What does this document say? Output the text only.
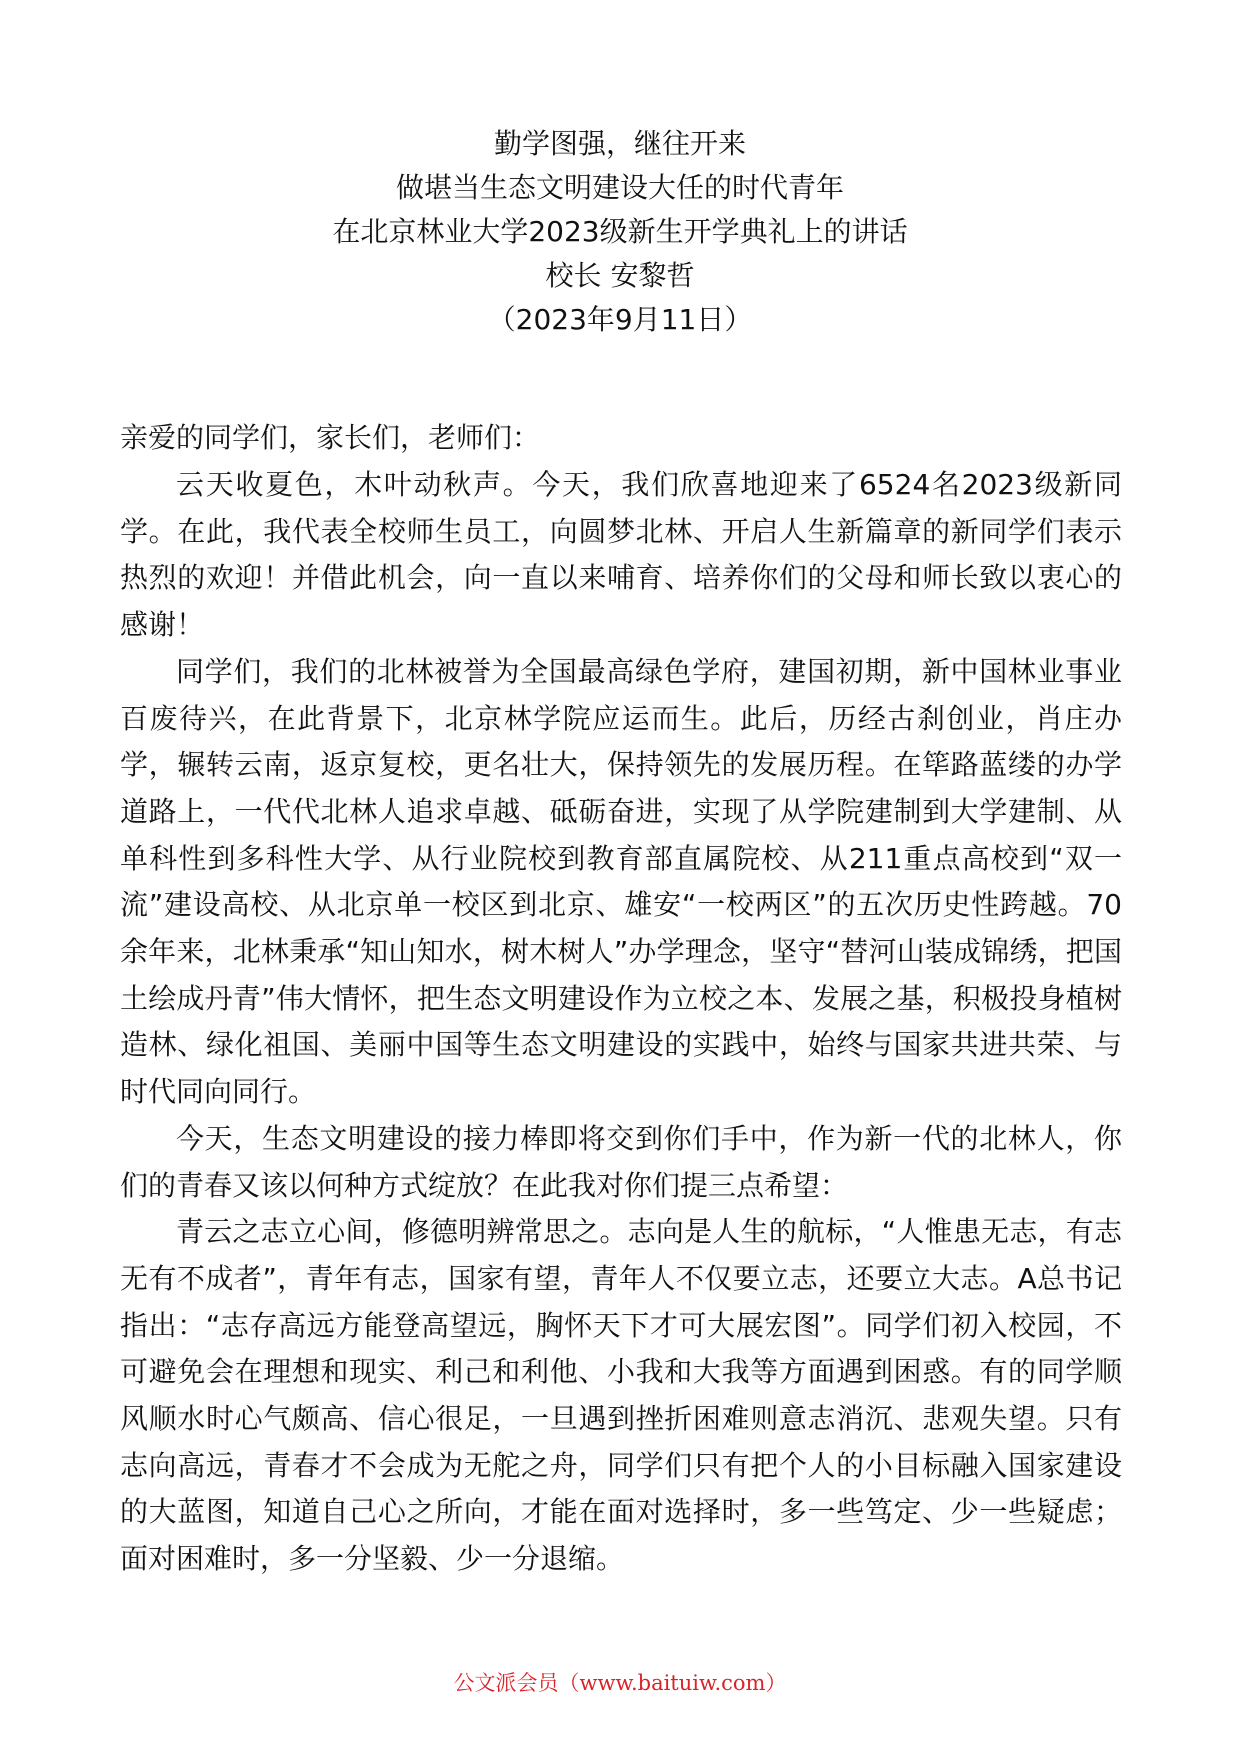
勤学图强，继往开来

做堪当生态文明建设大任的时代青年

在北京林业大学2023级新生开学典礼上的讲话

校长 安黎哲

（2023年9月11日）

亲爱的同学们，家长们，老师们：

云天收夏色，木叶动秋声。今天，我们欣喜地迎来了6524名2023级新同学。在此，我代表全校师生员工，向圆梦北林、开启人生新篇章的新同学们表示热烈的欢迎！并借此机会，向一直以来哺育、培养你们的父母和师长致以衷心的感谢！

同学们，我们的北林被誉为全国最高绿色学府，建国初期，新中国林业事业百废待兴，在此背景下，北京林学院应运而生。此后，历经古刹创业，肖庄办学，辗转云南，返京复校，更名壮大，保持领先的发展历程。在筚路蓝缕的办学道路上，一代代北林人追求卓越、砥砺奋进，实现了从学院建制到大学建制、从单科性到多科性大学、从行业院校到教育部直属院校、从211重点高校到“双一流”建设高校、从北京单一校区到北京、雄安“一校两区”的五次历史性跨越。70余年来，北林秉承“知山知水，树木树人”办学理念，坚守“替河山装成锦绣，把国土绘成丹青”伟大情怀，把生态文明建设作为立校之本、发展之基，积极投身植树造林、绿化祖国、美丽中国等生态文明建设的实践中，始终与国家共进共荣、与时代同向同行。

今天，生态文明建设的接力棒即将交到你们手中，作为新一代的北林人，你们的青春又该以何种方式绽放？在此我对你们提三点希望：

青云之志立心间，修德明辨常思之。志向是人生的航标，“人惟患无志，有志无有不成者”，青年有志，国家有望，青年人不仅要立志，还要立大志。A总书记指出：“志存高远方能登高望远，胸怀天下才可大展宏图”。同学们初入校园，不可避免会在理想和现实、利己和利他、小我和大我等方面遇到困惑。有的同学顺风顺水时心气颇高、信心很足，一旦遇到挫折困难则意志消沉、悲观失望。只有志向高远，青春才不会成为无舵之舟，同学们只有把个人的小目标融入国家建设的大蓝图，知道自己心之所向，才能在面对选择时，多一些笃定、少一些疑虑；面对困难时，多一分坚毅、少一分退缩。

公文派会员（www.baituiw.com）
